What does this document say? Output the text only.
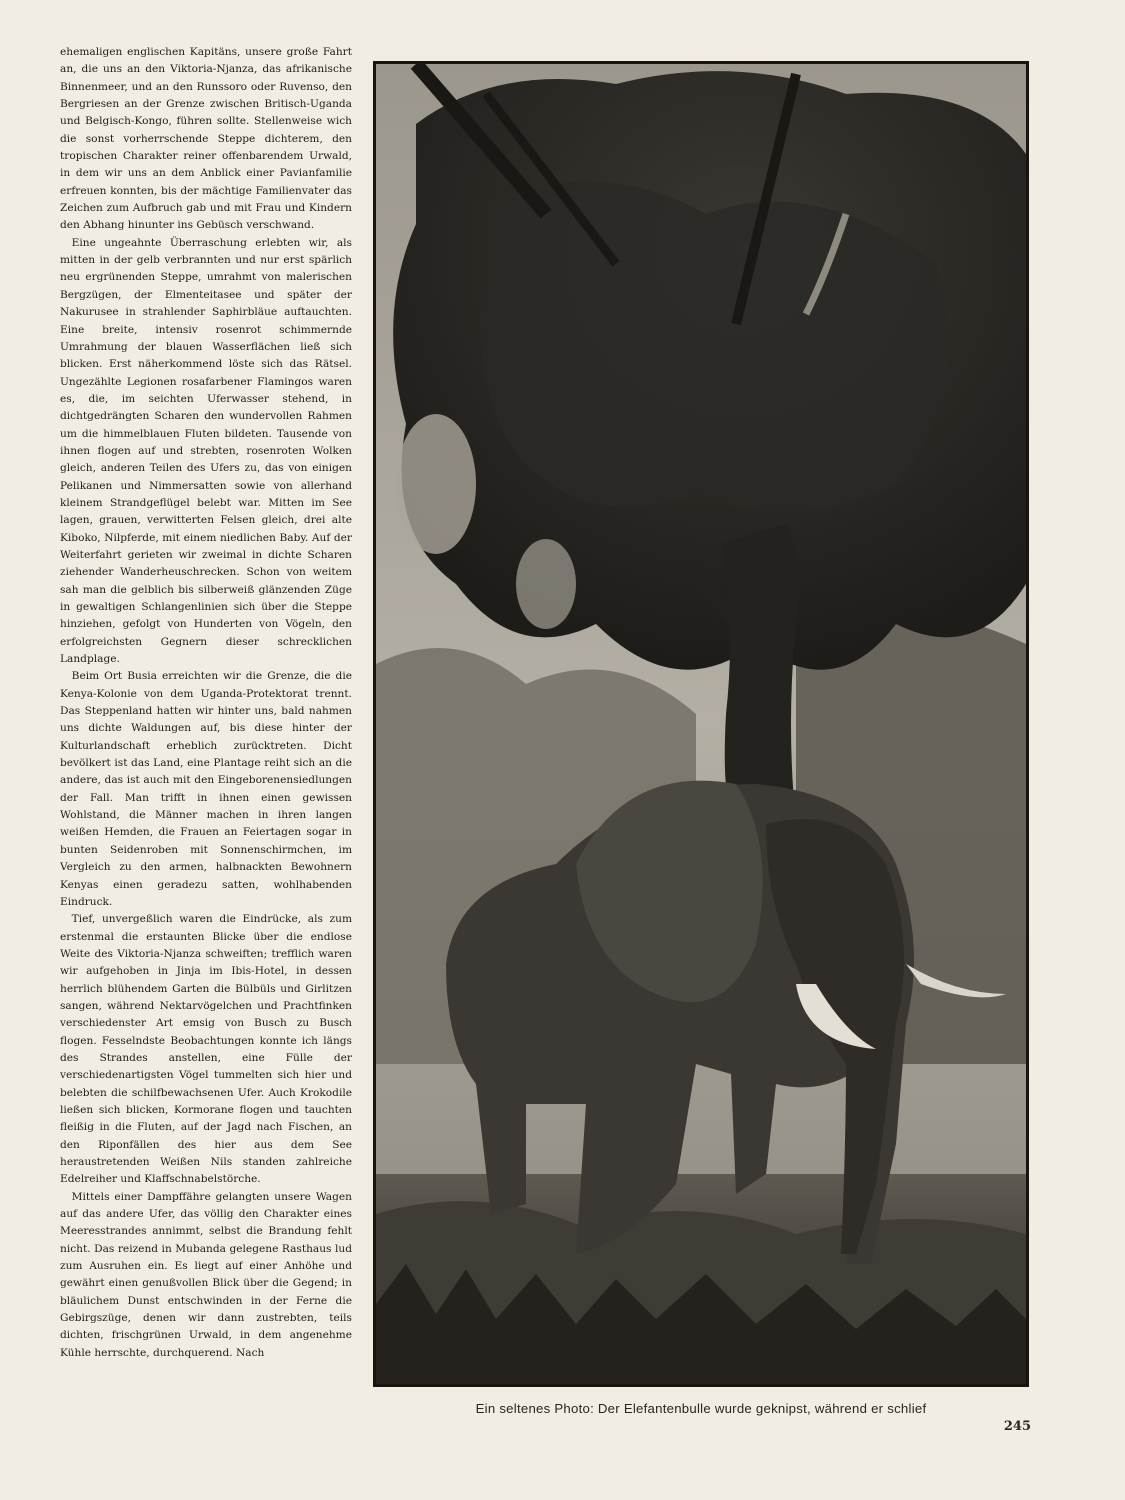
ehemaligen englischen Kapitäns, unsere große Fahrt an, die uns an den Viktoria-Njanza, das afrikanische Binnenmeer, und an den Runssoro oder Ruvenso, den Bergriesen an der Grenze zwischen Britisch-Uganda und Belgisch-Kongo, führen sollte. Stellenweise wich die sonst vorherrschende Steppe dichterem, den tropischen Charakter reiner offenbarendem Urwald, in dem wir uns an dem Anblick einer Pavianfamilie erfreuen konnten, bis der mächtige Familienvater das Zeichen zum Aufbruch gab und mit Frau und Kindern den Abhang hinunter ins Gebüsch verschwand.

Eine ungeahnte Überraschung erlebten wir, als mitten in der gelb verbrannten und nur erst spärlich neu ergrünenden Steppe, umrahmt von malerischen Bergzügen, der Elmenteitasee und später der Nakurusee in strahlender Saphirbläue auftauchten. Eine breite, intensiv rosenrot schimmernde Umrahmung der blauen Wasserflächen ließ sich blicken. Erst näherkommend löste sich das Rätsel. Ungezählte Legionen rosafarbener Flamingos waren es, die, im seichten Uferwasser stehend, in dichtgedrängten Scharen den wundervollen Rahmen um die himmelblauen Fluten bildeten. Tausende von ihnen flogen auf und strebten, rosenroten Wolken gleich, anderen Teilen des Ufers zu, das von einigen Pelikanen und Nimmersatten sowie von allerhand kleinem Strandgeflügel belebt war. Mitten im See lagen, grauen, verwitterten Felsen gleich, drei alte Kiboko, Nilpferde, mit einem niedlichen Baby. Auf der Weiterfahrt gerieten wir zweimal in dichte Scharen ziehender Wanderheuschrecken. Schon von weitem sah man die gelblich bis silberweiß glänzenden Züge in gewaltigen Schlangenlinien sich über die Steppe hinziehen, gefolgt von Hunderten von Vögeln, den erfolgreichsten Gegnern dieser schrecklichen Landplage.

Beim Ort Busia erreichten wir die Grenze, die die Kenya-Kolonie von dem Uganda-Protektorat trennt. Das Steppenland hatten wir hinter uns, bald nahmen uns dichte Waldungen auf, bis diese hinter der Kulturlandschaft erheblich zurücktreten. Dicht bevölkert ist das Land, eine Plantage reiht sich an die andere, das ist auch mit den Eingeborenensiedlungen der Fall. Man trifft in ihnen einen gewissen Wohlstand, die Männer machen in ihren langen weißen Hemden, die Frauen an Feiertagen sogar in bunten Seidenroben mit Sonnenschirmchen, im Vergleich zu den armen, halbnackten Bewohnern Kenyas einen geradezu satten, wohlhabenden Eindruck.

Tief, unvergeßlich waren die Eindrücke, als zum erstenmal die erstaunten Blicke über die endlose Weite des Viktoria-Njanza schweiften; trefflich waren wir aufgehoben in Jinja im Ibis-Hotel, in dessen herrlich blühendem Garten die Bülbüls und Girlitzen sangen, während Nektarvögelchen und Prachtfinken verschiedenster Art emsig von Busch zu Busch flogen. Fesselndste Beobachtungen konnte ich längs des Strandes anstellen, eine Fülle der verschiedenartigsten Vögel tummelten sich hier und belebten die schilfbewachsenen Ufer. Auch Krokodile ließen sich blicken, Kormorane flogen und tauchten fleißig in die Fluten, auf der Jagd nach Fischen, an den Riponfällen des hier aus dem See heraustretenden Weißen Nils standen zahlreiche Edelreiher und Klaffschnabelstörche.

Mittels einer Dampffähre gelangten unsere Wagen auf das andere Ufer, das völlig den Charakter eines Meeresstrandes annimmt, selbst die Brandung fehlt nicht. Das reizend in Mubanda gelegene Rasthaus lud zum Ausruhen ein. Es liegt auf einer Anhöhe und gewährt einen genußvollen Blick über die Gegend; in bläulichem Dunst entschwinden in der Ferne die Gebirgszüge, denen wir dann zustrebten, teils dichten, frischgrünen Urwald, in dem angenehme Kühle herrschte, durchquerend. Nach

Ein seltenes Photo: Der Elefantenbulle wurde geknipst, während er schlief
245
